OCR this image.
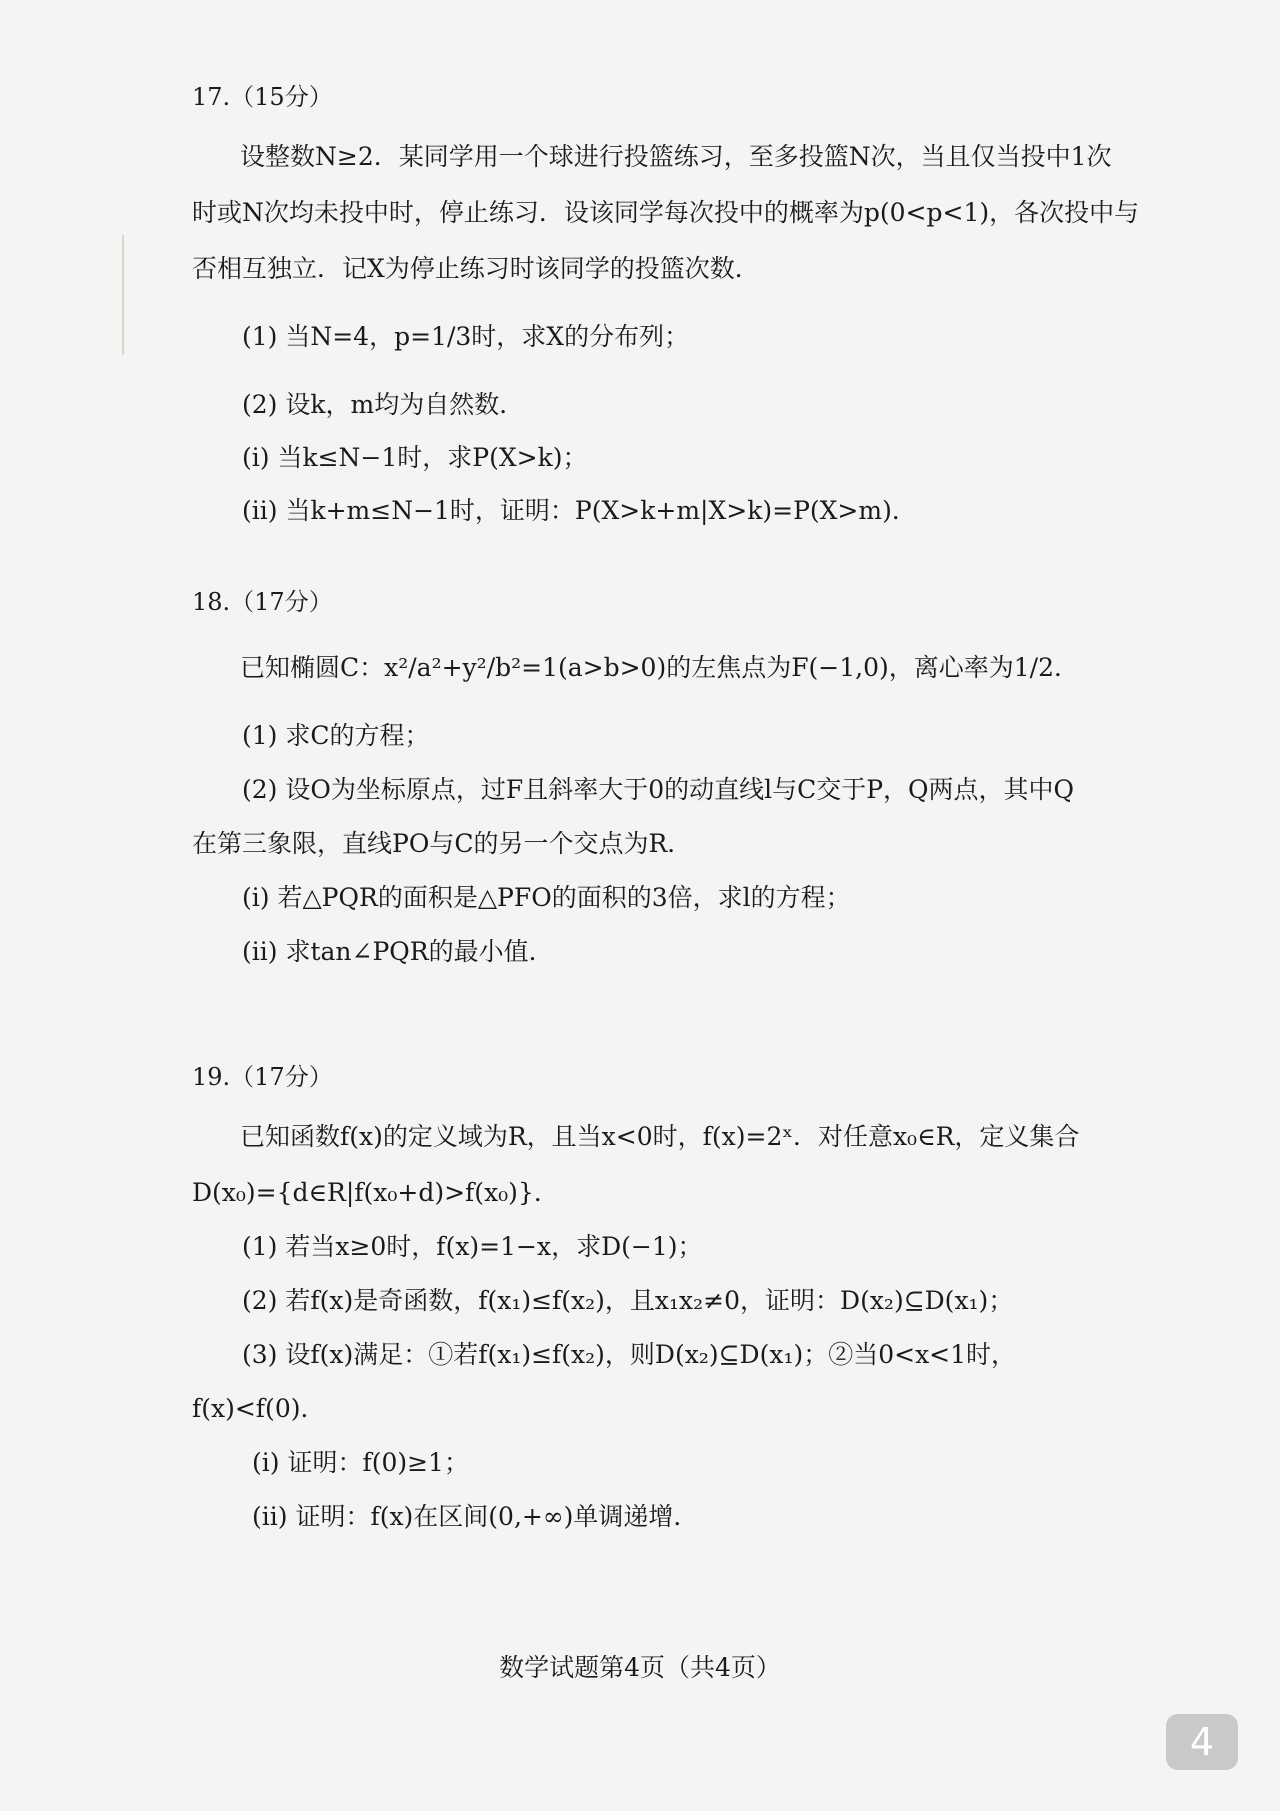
17.（15分）

设整数N≥2．某同学用一个球进行投篮练习，至多投篮N次，当且仅当投中1次

时或N次均未投中时，停止练习．设该同学每次投中的概率为p(0<p<1)，各次投中与

否相互独立．记X为停止练习时该同学的投篮次数．

(1) 当N=4，p=1/3时，求X的分布列；

(2) 设k，m均为自然数．

(i) 当k≤N−1时，求P(X>k)；

(ii) 当k+m≤N−1时，证明：P(X>k+m|X>k)=P(X>m)．

18.（17分）

已知椭圆C：x²/a²+y²/b²=1(a>b>0)的左焦点为F(−1,0)，离心率为1/2．

(1) 求C的方程；

(2) 设O为坐标原点，过F且斜率大于0的动直线l与C交于P，Q两点，其中Q

在第三象限，直线PO与C的另一个交点为R．

(i) 若△PQR的面积是△PFO的面积的3倍，求l的方程；

(ii) 求tan∠PQR的最小值．

19.（17分）

已知函数f(x)的定义域为R，且当x<0时，f(x)=2ˣ．对任意x₀∈R，定义集合

D(x₀)={d∈R|f(x₀+d)>f(x₀)}．

(1) 若当x≥0时，f(x)=1−x，求D(−1)；

(2) 若f(x)是奇函数，f(x₁)≤f(x₂)，且x₁x₂≠0，证明：D(x₂)⊆D(x₁)；

(3) 设f(x)满足：①若f(x₁)≤f(x₂)，则D(x₂)⊆D(x₁)；②当0<x<1时，

f(x)<f(0)．

(i) 证明：f(0)≥1；

(ii) 证明：f(x)在区间(0,+∞)单调递增．

数学试题第4页（共4页）
4
